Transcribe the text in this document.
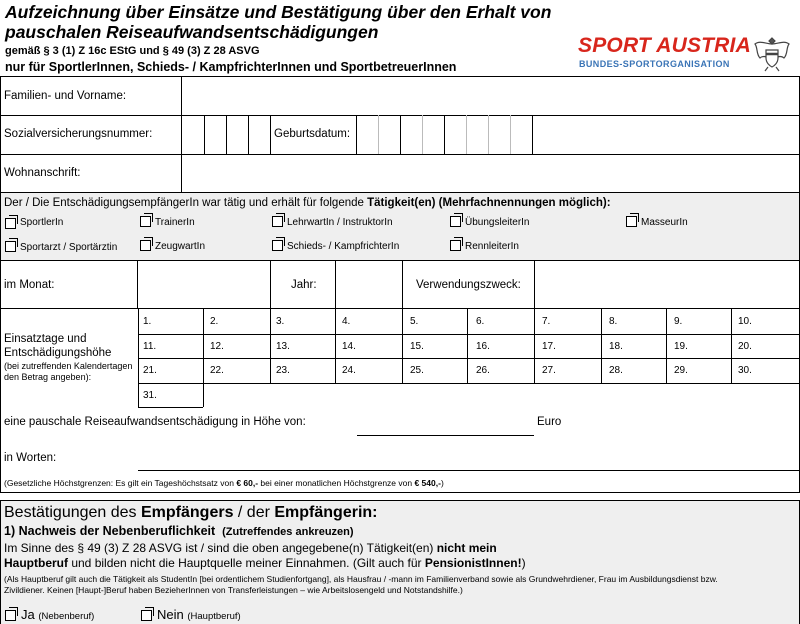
Aufzeichnung über Einsätze und Bestätigung über den Erhalt von
pauschalen Reiseaufwandsentschädigungen
gemäß § 3 (1) Z 16c EStG und § 49 (3) Z 28 ASVG
nur für SportlerInnen, Schieds- / KampfrichterInnen und SportbetreuerInnen
SPORT AUSTRIA
BUNDES-SPORTORGANISATION
Familien- und Vorname:
Sozialversicherungsnummer:	Geburtsdatum:
Wohnanschrift:
Der / Die EntschädigungsempfängerIn war tätig und erhält für folgende Tätigkeit(en) (Mehrfachnennungen möglich):
SportlerIn	TrainerIn	LehrwartIn / InstruktorIn	ÜbungsleiterIn	MasseurIn
Sportarzt / Sportärztin	ZeugwartIn	Schieds- / KampfrichterIn	RennleiterIn
im Monat:	Jahr:	Verwendungszweck:
Einsatztage und
Entschädigungshöhe
(bei zutreffenden Kalendertagen
den Betrag angeben):
1.	2.	3.	4.	5.	6.	7.	8.	9.	10.
11.	12.	13.	14.	15.	16.	17.	18.	19.	20.
21.	22.	23.	24.	25.	26.	27.	28.	29.	30.
31.
eine pauschale Reiseaufwandsentschädigung in Höhe von:	Euro
in Worten:
(Gesetzliche Höchstgrenzen: Es gilt ein Tageshöchstsatz von € 60,- bei einer monatlichen Höchstgrenze von € 540,-)
Bestätigungen des Empfängers / der Empfängerin:
1) Nachweis der Nebenberuflichkeit (Zutreffendes ankreuzen)
Im Sinne des § 49 (3) Z 28 ASVG ist / sind die oben angegebene(n) Tätigkeit(en) nicht mein
Hauptberuf und bilden nicht die Hauptquelle meiner Einnahmen. (Gilt auch für PensionistInnen!)
(Als Hauptberuf gilt auch die Tätigkeit als StudentIn [bei ordentlichem Studienfortgang], als Hausfrau / -mann im Familienverband sowie als Grundwehrdiener, Frau im Ausbildungsdienst bzw.
Zivildiener. Keinen [Haupt-]Beruf haben BezieherInnen von Transferleistungen – wie Arbeitslosengeld und Notstandshilfe.)
Ja (Nebenberuf)	Nein (Hauptberuf)
